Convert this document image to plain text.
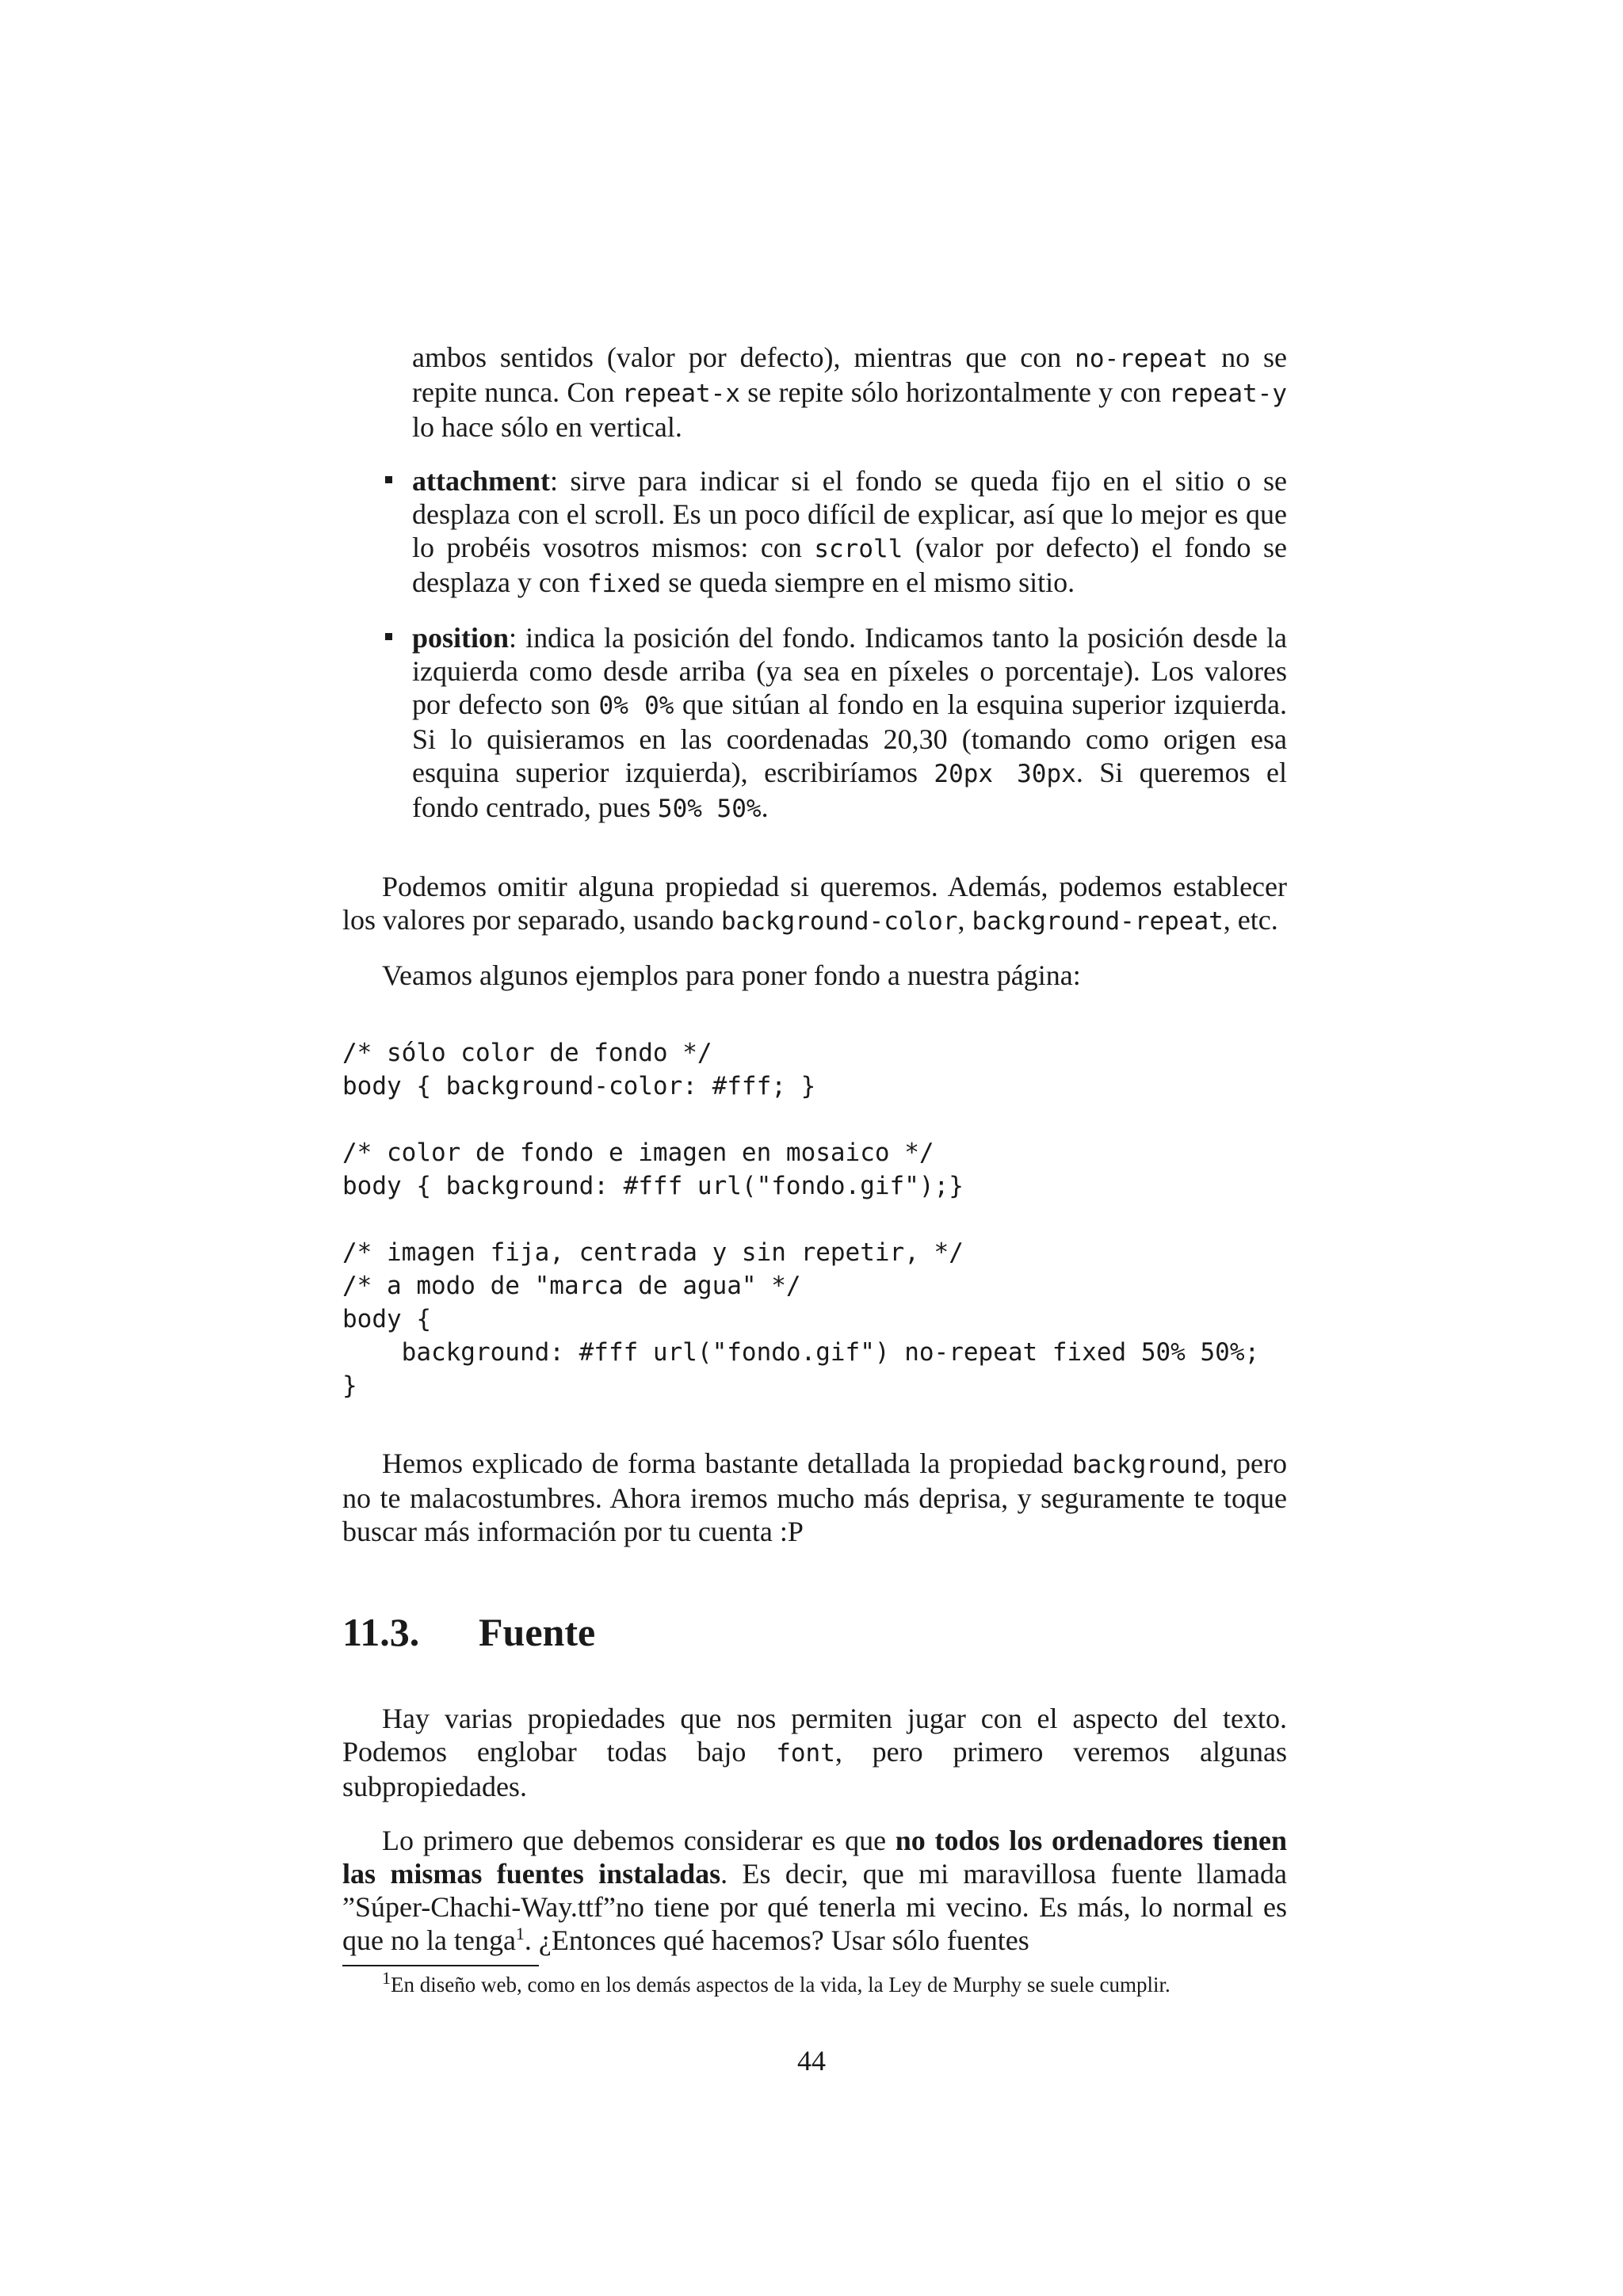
ambos sentidos (valor por defecto), mientras que con no-repeat no se repite nunca. Con repeat-x se repite sólo horizontalmente y con repeat-y lo hace sólo en vertical.

attachment: sirve para indicar si el fondo se queda fijo en el sitio o se desplaza con el scroll. Es un poco difícil de explicar, así que lo mejor es que lo probéis vosotros mismos: con scroll (valor por defecto) el fondo se desplaza y con fixed se queda siempre en el mismo sitio.

position: indica la posición del fondo. Indicamos tanto la posición desde la izquierda como desde arriba (ya sea en píxeles o porcentaje). Los valores por defecto son 0% 0% que sitúan al fondo en la esquina superior izquierda. Si lo quisieramos en las coordenadas 20,30 (tomando como origen esa esquina superior izquierda), escribiríamos 20px 30px. Si queremos el fondo centrado, pues 50% 50%.

Podemos omitir alguna propiedad si queremos. Además, podemos establecer los valores por separado, usando background-color, background-repeat, etc.

Veamos algunos ejemplos para poner fondo a nuestra página:

/* sólo color de fondo */
body { background-color: #fff; }

/* color de fondo e imagen en mosaico */
body { background: #fff url("fondo.gif");}

/* imagen fija, centrada y sin repetir, */
/* a modo de "marca de agua" */
body {
background: #fff url("fondo.gif") no-repeat fixed 50% 50%;
}

Hemos explicado de forma bastante detallada la propiedad background, pero no te malacostumbres. Ahora iremos mucho más deprisa, y seguramente te toque buscar más información por tu cuenta :P

11.3. Fuente

Hay varias propiedades que nos permiten jugar con el aspecto del texto. Podemos englobar todas bajo font, pero primero veremos algunas subpropiedades.

Lo primero que debemos considerar es que no todos los ordenadores tienen las mismas fuentes instaladas. Es decir, que mi maravillosa fuente llamada ”Súper-Chachi-Way.ttf”no tiene por qué tenerla mi vecino. Es más, lo normal es que no la tenga$^1$. ¿Entonces qué hacemos? Usar sólo fuentes

$^1$En diseño web, como en los demás aspectos de la vida, la Ley de Murphy se suele cumplir.
44
